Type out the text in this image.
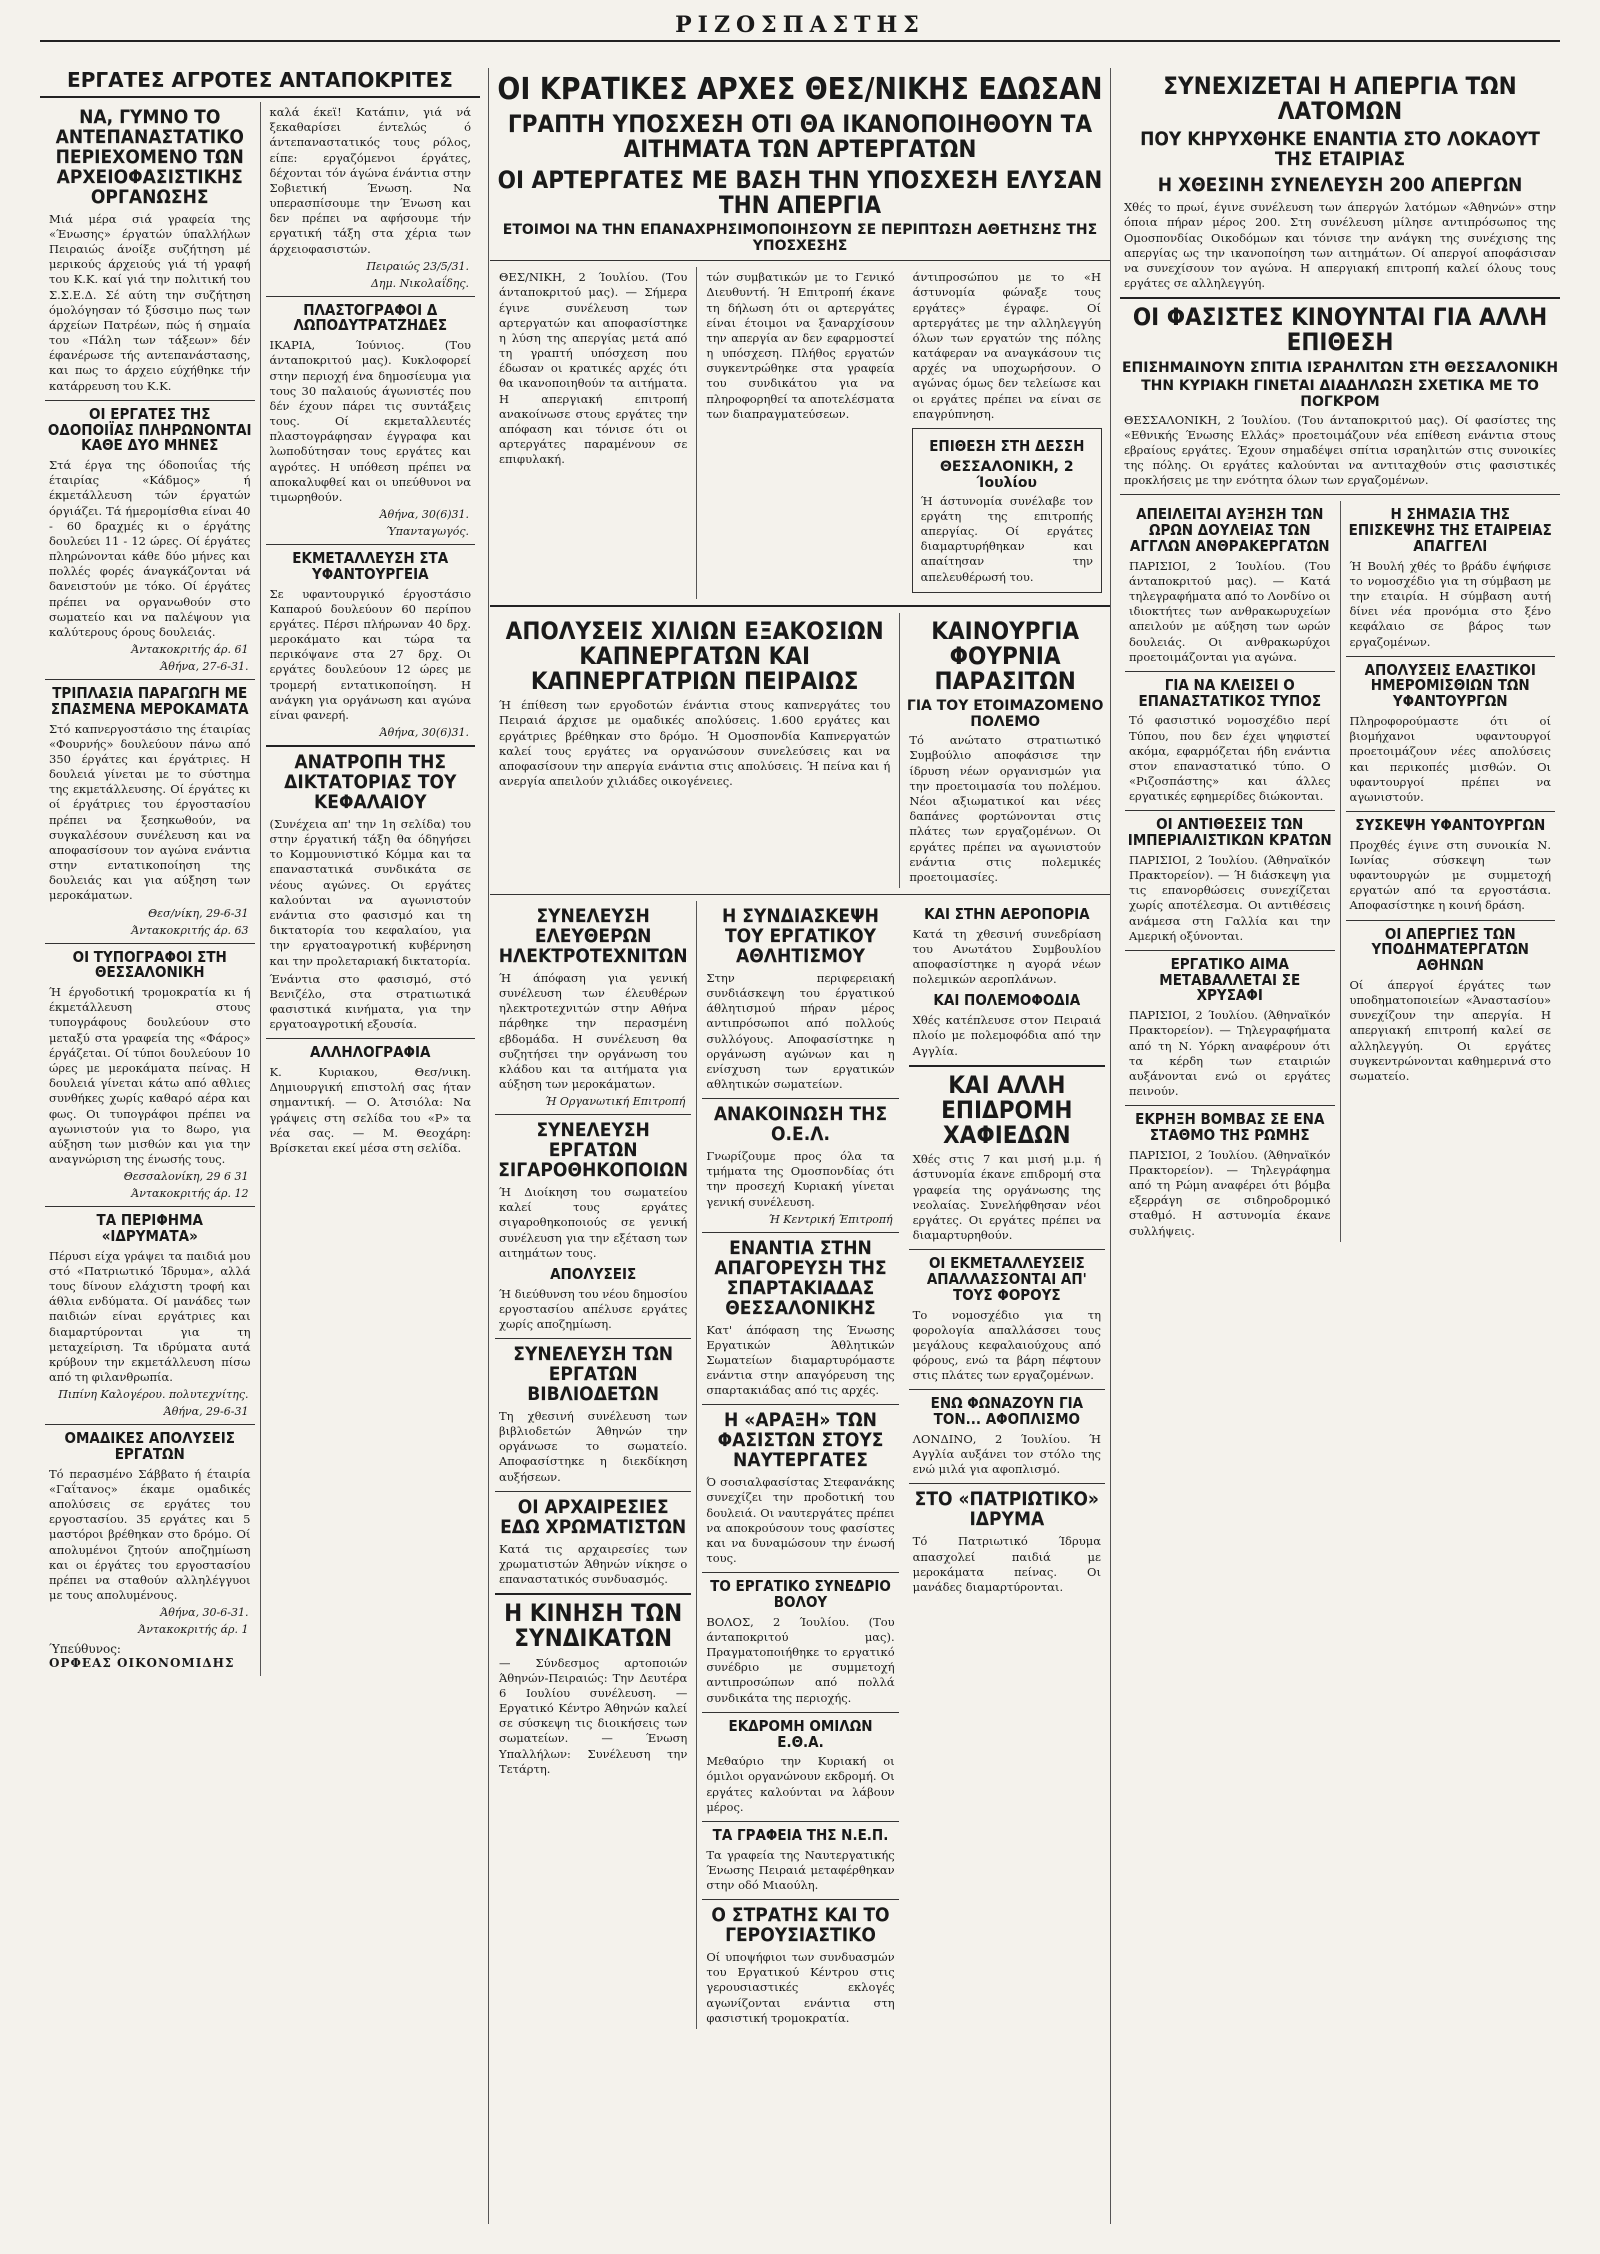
ΡΙΖΟΣΠΑΣΤΗΣ
ΕΡΓΑΤΕΣ ΑΓΡΟΤΕΣ ΑΝΤΑΠΟΚΡΙΤΕΣ
ΝΑ, ΓΥΜΝΟ ΤΟ ΑΝΤΕΠΑΝΑΣΤΑΤΙΚΟ ΠΕΡΙΕΧΟΜΕΝΟ ΤΩΝ ΑΡΧΕΙΟΦΑΣΙΣΤΙΚΗΣ ΟΡΓΑΝΩΣΗΣ

Μιά μέρα σιά γραφεία της «Ένωσης» έργατών ύπαλλήλων Πειραιώς άνοίξε συζήτηση μέ μερικούς άρχειούς γιά τή γραφή του Κ.Κ. καί γιά την πολιτική του Σ.Σ.Ε.Δ. Σέ αύτη την συζήτηση όμολόγησαν τό ξύσσιμο πως των άρχείων Πατρέων, πώς ή σημαία του «Πάλη των τάξεων» δέν έφανέρωσε τής αντεπανάστασης, και πως το άρχειο εύχήθηκε τήν κατάρρευση του Κ.Κ.

ΟΙ ΕΡΓΑΤΕΣ ΤΗΣ ΟΔΟΠΟΙΪΑΣ ΠΛΗΡΩΝΟΝΤΑΙ ΚΑΘΕ ΔΥΟ ΜΗΝΕΣ

Στά έργα της όδοποιΐας τής έταιρίας «Κάδμος» ή έκμετάλλευση τών έργατών όργιάζει. Τά ήμερομίσθια είναι 40 - 60 δραχμές κι ο έργάτης δουλεύει 11 - 12 ώρες. Οί έργάτες πληρώνονται κάθε δύο μήνες και πολλές φορές άναγκάζονται νά δανειστούν με τόκο. Οί έργάτες πρέπει να οργανωθούν στο σωματείο και να παλέψουν για καλύτερους όρους δουλειάς.

Άντακοκριτής άρ. 61
Άθήνα, 27-6-31.
ΤΡΙΠΛΑΣΙΑ ΠΑΡΑΓΩΓΗ ΜΕ ΣΠΑΣΜΕΝΑ ΜΕΡΟΚΑΜΑΤΑ

Στό καπνεργοστάσιο της έταιρίας «Φουρνής» δουλεύουν πάνω από 350 έργάτες και έργάτριες. Η δουλειά γίνεται με το σύστημα της εκμετάλλευσης. Οί έργάτες κι οί έργάτριες του έργοστασίου πρέπει να ξεσηκωθούν, να συγκαλέσουν συνέλευση και να αποφασίσουν τον αγώνα ενάντια στην εντατικοποίηση της δουλειάς και για αύξηση των μεροκάματων.

Θεσ/νίκη, 29-6-31
Άντακοκριτής άρ. 63
ΟΙ ΤΥΠΟΓΡΑΦΟΙ ΣΤΗ ΘΕΣΣΑΛΟΝΙΚΗ

Ή έργοδοτική τρομοκρατία κι ή έκμετάλλευση στους τυπογράφους δουλεύουν στο μεταξύ στα γραφεία της «Φάρος» έργάζεται. Οί τύποι δουλεύουν 10 ώρες με μεροκάματα πείνας. Η δουλειά γίνεται κάτω από αθλιες συνθήκες χωρίς καθαρό αέρα και φως. Οι τυπογράφοι πρέπει να αγωνιστούν για το 8ωρο, για αύξηση των μισθών και για την αναγνώριση της ένωσής τους.

Θεσσαλονίκη, 29 6 31
Άντακοκριτής άρ. 12
ΤΑ ΠΕΡΙΦΗΜΑ «ΙΔΡΥΜΑΤΑ»

Πέρυσι είχα γράψει τα παιδιά μου στό «Πατριωτικό Ίδρυμα», αλλά τους δίνουν ελάχιστη τροφή και άθλια ενδύματα. Οί μανάδες των παιδιών είναι εργάτριες και διαμαρτύρονται για τη μεταχείριση. Τα ιδρύματα αυτά κρύβουν την εκμετάλλευση πίσω από τη φιλανθρωπία.

Πιπίνη Καλογέρου. πολυτεχνίτης.
Άθήνα, 29-6-31
ΟΜΑΔΙΚΕΣ ΑΠΟΛΥΣΕΙΣ ΕΡΓΑΤΩΝ

Τό περασμένο Σάββατο ή έταιρία «Γαΐτανος» έκαμε ομαδικές απολύσεις σε εργάτες του εργοστασίου. 35 εργάτες και 5 μαστόροι βρέθηκαν στο δρόμο. Οί απολυμένοι ζητούν αποζημίωση και οι έργάτες του εργοστασίου πρέπει να σταθούν αλληλέγγυοι με τους απολυμένους.

Άθήνα, 30-6-31.
Άντακοκριτής άρ. 1
Ύπεύθυνος:
ΟΡΦΕΑΣ ΟΙΚΟΝΟΜΙΔΗΣ

καλά έκεϊ! Κατάπιν, γιά νά ξεκαθαρίσει έντελώς ό άντεπαναστατικός τους ρόλος, είπε: εργαζόμενοι έργάτες, δέχονται τόν άγώνα ένάντια στην Σοβιετική Ένωση. Να υπερασπίσουμε την Ένωση και δεν πρέπει να αφήσουμε τήν εργατική τάξη στα χέρια των άρχειοφασιστών.

Πειραιώς 23/5/31.
Δημ. Νικολαΐδης.
ΠΛΑΣΤΟΓΡΑΦΟΙ Δ ΛΩΠΟΔΥΤΡΑΤΖΗΔΕΣ

ΙΚΑΡΙΑ, Ίούνιος. (Του άνταποκριτού μας). Κυκλοφορεί στην περιοχή ένα δημοσίευμα για τους 30 παλαιούς άγωνιστές που δέν έχουν πάρει τις συντάξεις τους. Οί εκμεταλλευτές πλαστογράφησαν έγγραφα και λωποδύτησαν τους εργάτες και αγρότες. Η υπόθεση πρέπει να αποκαλυφθεί και οι υπεύθυνοι να τιμωρηθούν.

Άθήνα, 30(6)31.
Ύπανταγωγός.
ΕΚΜΕΤΑΛΛΕΥΣΗ ΣΤΑ ΥΦΑΝΤΟΥΡΓΕΙΑ

Σε υφαντουργικό έργοστάσιο Καπαρού δουλεύουν 60 περίπου εργάτες. Πέρσι πλήρωναν 40 δρχ. μεροκάματο και τώρα τα περικόψανε στα 27 δρχ. Οι εργάτες δουλεύουν 12 ώρες με τρομερή εντατικοποίηση. Η ανάγκη για οργάνωση και αγώνα είναι φανερή.

Άθήνα, 30(6)31.
ΑΝΑΤΡΟΠΗ ΤΗΣ ΔΙΚΤΑΤΟΡΙΑΣ ΤΟΥ ΚΕΦΑΛΑΙΟΥ

(Συνέχεια απ' την 1η σελίδα) του στην έργατική τάξη θα όδηγήσει το Κομμουνιστικό Κόμμα και τα επαναστατικά συνδικάτα σε νέους αγώνες. Οι εργάτες καλούνται να αγωνιστούν ενάντια στο φασισμό και τη δικτατορία του κεφαλαίου, για την εργατοαγροτική κυβέρνηση και την προλεταριακή δικτατορία.

Ένάντια στο φασισμό, στό Βενιζέλο, στα στρατιωτικά φασιστικά κινήματα, για την εργατοαγροτική εξουσία.

ΑΛΛΗΛΟΓΡΑΦΙΑ

Κ. Κυριακου, Θεσ/νικη. Δημιουργική επιστολή σας ήταν σημαντική. — Ο. Άτσιόλα: Να γράψεις στη σελίδα του «Ρ» τα νέα σας. — Μ. Θεοχάρη: Βρίσκεται εκεί μέσα στη σελίδα.

ΟΙ ΚΡΑΤΙΚΕΣ ΑΡΧΕΣ ΘΕΣ/ΝΙΚΗΣ ΕΔΩΣΑΝ
ΓΡΑΠΤΗ ΥΠΟΣΧΕΣΗ ΟΤΙ ΘΑ ΙΚΑΝΟΠΟΙΗΘΟΥΝ ΤΑ ΑΙΤΗΜΑΤΑ ΤΩΝ ΑΡΤΕΡΓΑΤΩΝ
ΟΙ ΑΡΤΕΡΓΑΤΕΣ ΜΕ ΒΑΣΗ ΤΗΝ ΥΠΟΣΧΕΣΗ ΕΛΥΣΑΝ ΤΗΝ ΑΠΕΡΓΙΑ
ΕΤΟΙΜΟΙ ΝΑ ΤΗΝ ΕΠΑΝΑΧΡΗΣΙΜΟΠΟΙΗΣΟΥΝ ΣΕ ΠΕΡΙΠΤΩΣΗ ΑΘΕΤΗΣΗΣ ΤΗΣ ΥΠΟΣΧΕΣΗΣ

ΘΕΣ/ΝΙΚΗ, 2 Ίουλίου. (Του άνταποκριτού μας). — Σήμερα έγινε συνέλευση των αρτεργατών και αποφασίστηκε η λύση της απεργίας μετά από τη γραπτή υπόσχεση που έδωσαν οι κρατικές αρχές ότι θα ικανοποιηθούν τα αιτήματα. Η απεργιακή επιτροπή ανακοίνωσε στους εργάτες την απόφαση και τόνισε ότι οι αρτεργάτες παραμένουν σε επιφυλακή.

τών συμβατικών με το Γενικό Διευθυντή. Ή Επιτροπή έκανε τη δήλωση ότι οι αρτεργάτες είναι έτοιμοι να ξαναρχίσουν την απεργία αν δεν εφαρμοστεί η υπόσχεση. Πλήθος εργατών συγκεντρώθηκε στα γραφεία του συνδικάτου για να πληροφορηθεί τα αποτελέσματα των διαπραγματεύσεων.

άντιπροσώπου με το «Η άστυνομία φώναξε τους εργάτες» έγραφε. Οί αρτεργάτες με την αλληλεγγύη όλων των εργατών της πόλης κατάφεραν να αναγκάσουν τις αρχές να υποχωρήσουν. Ο αγώνας όμως δεν τελείωσε και οι εργάτες πρέπει να είναι σε επαγρύπνηση.

ΕΠΙΘΕΣΗ ΣΤΗ ΔΕΣΣΗ
ΘΕΣΣΑΛΟΝΙΚΗ, 2 Ίουλίου

Ή άστυνομία συνέλαβε τον εργάτη της επιτροπής απεργίας. Οί εργάτες διαμαρτυρήθηκαν και απαίτησαν την απελευθέρωσή του.

ΑΠΟΛΥΣΕΙΣ ΧΙΛΙΩΝ ΕΞΑΚΟΣΙΩΝ ΚΑΠΝΕΡΓΑΤΩΝ ΚΑΙ ΚΑΠΝΕΡΓΑΤΡΙΩΝ ΠΕΙΡΑΙΩΣ

Ή έπίθεση των εργοδοτών ένάντια στους καπνεργάτες του Πειραιά άρχισε με ομαδικές απολύσεις. 1.600 εργάτες και εργάτριες βρέθηκαν στο δρόμο. Ή Ομοσπονδία Καπνεργατών καλεί τους εργάτες να οργανώσουν συνελεύσεις και να αποφασίσουν την απεργία ενάντια στις απολύσεις. Ή πείνα και ή ανεργία απειλούν χιλιάδες οικογένειες.

ΚΑΙΝΟΥΡΓΙΑ ΦΟΥΡΝΙΑ ΠΑΡΑΣΙΤΩΝ
ΓΙΑ ΤΟΥ ΕΤΟΙΜΑΖΟΜΕΝΟ ΠΟΛΕΜΟ

Τό ανώτατο στρατιωτικό Συμβούλιο αποφάσισε την ίδρυση νέων οργανισμών για την προετοιμασία του πολέμου. Νέοι αξιωματικοί και νέες δαπάνες φορτώνονται στις πλάτες των εργαζομένων. Οι εργάτες πρέπει να αγωνιστούν ενάντια στις πολεμικές προετοιμασίες.

ΣΥΝΕΛΕΥΣΗ ΕΛΕΥΘΕΡΩΝ ΗΛΕΚΤΡΟΤΕΧΝΙΤΩΝ

Ή άπόφαση για γενική συνέλευση των έλευθέρων ηλεκτροτεχνιτών στην Αθήνα πάρθηκε την περασμένη εβδομάδα. Η συνέλευση θα συζητήσει την οργάνωση του κλάδου και τα αιτήματα για αύξηση των μεροκάματων.

Ή Οργανωτική Επιτροπή
ΣΥΝΕΛΕΥΣΗ ΕΡΓΑΤΩΝ ΣΙΓΑΡΟΘΗΚΟΠΟΙΩΝ

Ή Διοίκηση του σωματείου καλεί τους εργάτες σιγαροθηκοποιούς σε γενική συνέλευση για την εξέταση των αιτημάτων τους.

ΑΠΟΛΥΣΕΙΣ

Ή διεύθυνση του νέου δημοσίου εργοστασίου απέλυσε εργάτες χωρίς αποζημίωση.

ΣΥΝΕΛΕΥΣΗ ΤΩΝ ΕΡΓΑΤΩΝ ΒΙΒΛΙΟΔΕΤΩΝ

Τη χθεσινή συνέλευση των βιβλιοδετών Άθηνών την οργάνωσε το σωματείο. Αποφασίστηκε η διεκδίκηση αυξήσεων.

ΟΙ ΑΡΧΑΙΡΕΣΙΕΣ ΕΔΩ ΧΡΩΜΑΤΙΣΤΩΝ

Κατά τις αρχαιρεσίες των χρωματιστών Άθηνών νίκησε ο επαναστατικός συνδυασμός.

Η ΚΙΝΗΣΗ ΤΩΝ ΣΥΝΔΙΚΑΤΩΝ

— Σύνδεσμος αρτοποιών Άθηνών-Πειραιώς: Την Δευτέρα 6 Ιουλίου συνέλευση. — Εργατικό Κέντρο Άθηνών καλεί σε σύσκεψη τις διοικήσεις των σωματείων. — Ένωση Υπαλλήλων: Συνέλευση την Τετάρτη.

Η ΣΥΝΔΙΑΣΚΕΨΗ ΤΟΥ ΕΡΓΑΤΙΚΟΥ ΑΘΛΗΤΙΣΜΟΥ

Στην περιφερειακή συνδιάσκεψη του έργατικού άθλητισμού πήραν μέρος αντιπρόσωποι από πολλούς συλλόγους. Αποφασίστηκε η οργάνωση αγώνων και η ενίσχυση των εργατικών αθλητικών σωματείων.

ΑΝΑΚΟΙΝΩΣΗ ΤΗΣ Ο.Ε.Λ.

Γνωρίζουμε προς όλα τα τμήματα της Ομοσπονδίας ότι την προσεχή Κυριακή γίνεται γενική συνέλευση.

Ή Κεντρική Έπιτροπή
ΕΝΑΝΤΙΑ ΣΤΗΝ ΑΠΑΓΟΡΕΥΣΗ ΤΗΣ ΣΠΑΡΤΑΚΙΑΔΑΣ ΘΕΣΣΑΛΟΝΙΚΗΣ

Κατ' άπόφαση της Ένωσης Εργατικών Άθλητικών Σωματείων διαμαρτυρόμαστε ενάντια στην απαγόρευση της σπαρτακιάδας από τις αρχές.

Η «ΑΡΑΞΗ» ΤΩΝ ΦΑΣΙΣΤΩΝ ΣΤΟΥΣ ΝΑΥΤΕΡΓΑΤΕΣ

Ό σοσιαλφασίστας Στεφανάκης συνεχίζει την προδοτική του δουλειά. Οι ναυτεργάτες πρέπει να αποκρούσουν τους φασίστες και να δυναμώσουν την ένωσή τους.

ΤΟ ΕΡΓΑΤΙΚΟ ΣΥΝΕΔΡΙΟ ΒΟΛΟΥ

ΒΟΛΟΣ, 2 Ίουλίου. (Του άνταποκριτού μας). Πραγματοποιήθηκε το εργατικό συνέδριο με συμμετοχή αντιπροσώπων από πολλά συνδικάτα της περιοχής.

ΕΚΔΡΟΜΗ ΟΜΙΛΩΝ Ε.Θ.Α.

Μεθαύριο την Κυριακή οι όμιλοι οργανώνουν εκδρομή. Οι εργάτες καλούνται να λάβουν μέρος.

ΤΑ ΓΡΑΦΕΙΑ ΤΗΣ Ν.Ε.Π.

Τα γραφεία της Ναυτεργατικής Ένωσης Πειραιά μεταφέρθηκαν στην οδό Μιαούλη.

Ο ΣΤΡΑΤΗΣ ΚΑΙ ΤΟ ΓΕΡΟΥΣΙΑΣΤΙΚΟ

Οί υποψήφιοι των συνδυασμών του Εργατικού Κέντρου στις γερουσιαστικές εκλογές αγωνίζονται ενάντια στη φασιστική τρομοκρατία.

ΚΑΙ ΣΤΗΝ ΑΕΡΟΠΟΡΙΑ

Κατά τη χθεσινή συνεδρίαση του Ανωτάτου Συμβουλίου αποφασίστηκε η αγορά νέων πολεμικών αεροπλάνων.

ΚΑΙ ΠΟΛΕΜΟΦΟΔΙΑ

Χθές κατέπλευσε στον Πειραιά πλοίο με πολεμοφόδια από την Αγγλία.

ΚΑΙ ΑΛΛΗ ΕΠΙΔΡΟΜΗ ΧΑΦΙΕΔΩΝ

Χθές στις 7 και μισή μ.μ. ή άστυνομία έκανε επιδρομή στα γραφεία της οργάνωσης της νεολαίας. Συνελήφθησαν νέοι εργάτες. Οι εργάτες πρέπει να διαμαρτυρηθούν.

ΟΙ ΕΚΜΕΤΑΛΛΕΥΣΕΙΣ ΑΠΑΛΛΑΣΣΟΝΤΑΙ ΑΠ' ΤΟΥΣ ΦΟΡΟΥΣ

Το νομοσχέδιο για τη φορολογία απαλλάσσει τους μεγάλους κεφαλαιούχους από φόρους, ενώ τα βάρη πέφτουν στις πλάτες των εργαζομένων.

ΕΝΩ ΦΩΝΑΖΟΥΝ ΓΙΑ ΤΟΝ... ΑΦΟΠΛΙΣΜΟ

ΛΟΝΔΙΝΟ, 2 Ίουλίου. Ή Αγγλία αυξάνει τον στόλο της ενώ μιλά για αφοπλισμό.

ΣΤΟ «ΠΑΤΡΙΩΤΙΚΟ» ΙΔΡΥΜΑ

Τό Πατριωτικό Ίδρυμα απασχολεί παιδιά με μεροκάματα πείνας. Οι μανάδες διαμαρτύρονται.

ΣΥΝΕΧΙΖΕΤΑΙ Η ΑΠΕΡΓΙΑ ΤΩΝ ΛΑΤΟΜΩΝ
ΠΟΥ ΚΗΡΥΧΘΗΚΕ ΕΝΑΝΤΙΑ ΣΤΟ ΛΟΚΑΟΥΤ ΤΗΣ ΕΤΑΙΡΙΑΣ
Η ΧΘΕΣΙΝΗ ΣΥΝΕΛΕΥΣΗ 200 ΑΠΕΡΓΩΝ

Χθές το πρωί, έγινε συνέλευση των άπεργών λατόμων «Άθηνών» στην όποια πήραν μέρος 200. Στη συνέλευση μίλησε αντιπρόσωπος της Ομοσπονδίας Οικοδόμων και τόνισε την ανάγκη της συνέχισης της απεργίας ως την ικανοποίηση των αιτημάτων. Οί απεργοί αποφάσισαν να συνεχίσουν τον αγώνα. Η απεργιακή επιτροπή καλεί όλους τους εργάτες σε αλληλεγγύη.

ΟΙ ΦΑΣΙΣΤΕΣ ΚΙΝΟΥΝΤΑΙ ΓΙΑ ΑΛΛΗ ΕΠΙΘΕΣΗ
ΕΠΙΣΗΜΑΙΝΟΥΝ ΣΠΙΤΙΑ ΙΣΡΑΗΛΙΤΩΝ ΣΤΗ ΘΕΣΣΑΛΟΝΙΚΗ
ΤΗΝ ΚΥΡΙΑΚΗ ΓΙΝΕΤΑΙ ΔΙΑΔΗΛΩΣΗ ΣΧΕΤΙΚΑ ΜΕ ΤΟ ΠΟΓΚΡΟΜ

ΘΕΣΣΑΛΟΝΙΚΗ, 2 Ίουλίου. (Του άνταποκριτού μας). Οί φασίστες της «Εθνικής Ένωσης Ελλάς» προετοιμάζουν νέα επίθεση ενάντια στους εβραίους εργάτες. Έχουν σημαδέψει σπίτια ισραηλιτών στις συνοικίες της πόλης. Οι εργάτες καλούνται να αντιταχθούν στις φασιστικές προκλήσεις με την ενότητα όλων των εργαζομένων.

ΑΠΕΙΛΕΙΤΑΙ ΑΥΞΗΣΗ ΤΩΝ ΩΡΩΝ ΔΟΥΛΕΙΑΣ ΤΩΝ ΑΓΓΛΩΝ ΑΝΘΡΑΚΕΡΓΑΤΩΝ

ΠΑΡΙΣΙΟΙ, 2 Ίουλίου. (Του άνταποκριτού μας). — Κατά τηλεγραφήματα από το Λονδίνο οι ιδιοκτήτες των ανθρακωρυχείων απειλούν με αύξηση των ωρών δουλειάς. Οι ανθρακωρύχοι προετοιμάζονται για αγώνα.

ΓΙΑ ΝΑ ΚΛΕΙΣΕΙ Ο ΕΠΑΝΑΣΤΑΤΙΚΟΣ ΤΥΠΟΣ

Τό φασιστικό νομοσχέδιο περί Τύπου, που δεν έχει ψηφιστεί ακόμα, εφαρμόζεται ήδη ενάντια στον επαναστατικό τύπο. Ο «Ριζοσπάστης» και άλλες εργατικές εφημερίδες διώκονται.

ΟΙ ΑΝΤΙΘΕΣΕΙΣ ΤΩΝ ΙΜΠΕΡΙΑΛΙΣΤΙΚΩΝ ΚΡΑΤΩΝ

ΠΑΡΙΣΙΟΙ, 2 Ίουλίου. (Άθηναϊκόν Πρακτορείον). — Ή διάσκεψη για τις επανορθώσεις συνεχίζεται χωρίς αποτέλεσμα. Οι αντιθέσεις ανάμεσα στη Γαλλία και την Αμερική οξύνονται.

ΕΡΓΑΤΙΚΟ ΑΙΜΑ ΜΕΤΑΒΑΛΛΕΤΑΙ ΣΕ ΧΡΥΣΑΦΙ

ΠΑΡΙΣΙΟΙ, 2 Ίουλίου. (Άθηναϊκόν Πρακτορείον). — Τηλεγραφήματα από τη Ν. Υόρκη αναφέρουν ότι τα κέρδη των εταιριών αυξάνονται ενώ οι εργάτες πεινούν.

ΕΚΡΗΞΗ ΒΟΜΒΑΣ ΣΕ ΕΝΑ ΣΤΑΘΜΟ ΤΗΣ ΡΩΜΗΣ

ΠΑΡΙΣΙΟΙ, 2 Ίουλίου. (Άθηναϊκόν Πρακτορείον). — Τηλεγράφημα από τη Ρώμη αναφέρει ότι βόμβα εξερράγη σε σιδηροδρομικό σταθμό. Η αστυνομία έκανε συλλήψεις.

Η ΣΗΜΑΣΙΑ ΤΗΣ ΕΠΙΣΚΕΨΗΣ ΤΗΣ ΕΤΑΙΡΕΙΑΣ ΑΠΑΓΓΕΛΙ

Ή Βουλή χθές το βράδυ έψήφισε το νομοσχέδιο για τη σύμβαση με την εταιρία. Η σύμβαση αυτή δίνει νέα προνόμια στο ξένο κεφάλαιο σε βάρος των εργαζομένων.

ΑΠΟΛΥΣΕΙΣ ΕΛΑΣΤΙΚΟΙ ΗΜΕΡΟΜΙΣΘΙΩΝ ΤΩΝ ΥΦΑΝΤΟΥΡΓΩΝ

Πληροφορούμαστε ότι οί βιομήχανοι υφαντουργοί προετοιμάζουν νέες απολύσεις και περικοπές μισθών. Οι υφαντουργοί πρέπει να αγωνιστούν.

ΣΥΣΚΕΨΗ ΥΦΑΝΤΟΥΡΓΩΝ

Προχθές έγινε στη συνοικία Ν. Ιωνίας σύσκεψη των υφαντουργών με συμμετοχή εργατών από τα εργοστάσια. Αποφασίστηκε η κοινή δράση.

ΟΙ ΑΠΕΡΓΙΕΣ ΤΩΝ ΥΠΟΔΗΜΑΤΕΡΓΑΤΩΝ ΑΘΗΝΩΝ

Οί άπεργοί έργάτες των υποδηματοποιείων «Άναστασίου» συνεχίζουν την απεργία. Η απεργιακή επιτροπή καλεί σε αλληλεγγύη. Οι εργάτες συγκεντρώνονται καθημερινά στο σωματείο.
